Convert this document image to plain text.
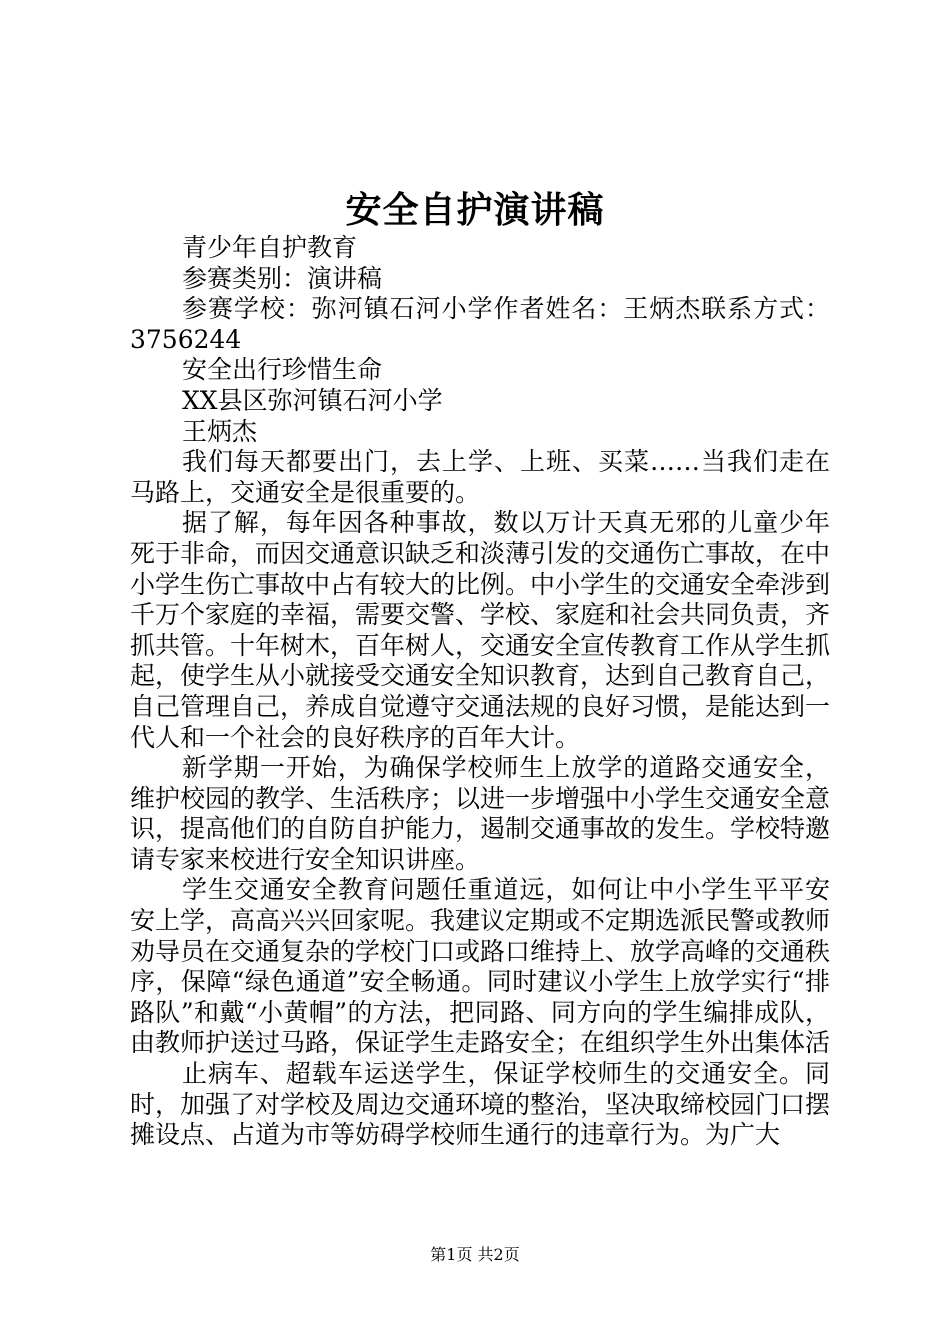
安全自护演讲稿

青少年自护教育

参赛类别：演讲稿

参赛学校：弥河镇石河小学作者姓名：王炳杰联系方式：3756244

安全出行珍惜生命

XX县区弥河镇石河小学

王炳杰

我们每天都要出门，去上学、上班、买菜……当我们走在马路上，交通安全是很重要的。

据了解，每年因各种事故，数以万计天真无邪的儿童少年死于非命，而因交通意识缺乏和淡薄引发的交通伤亡事故，在中小学生伤亡事故中占有较大的比例。中小学生的交通安全牵涉到千万个家庭的幸福，需要交警、学校、家庭和社会共同负责，齐抓共管。十年树木，百年树人，交通安全宣传教育工作从学生抓起，使学生从小就接受交通安全知识教育，达到自己教育自己，自己管理自己，养成自觉遵守交通法规的良好习惯，是能达到一代人和一个社会的良好秩序的百年大计。

新学期一开始，为确保学校师生上放学的道路交通安全，维护校园的教学、生活秩序；以进一步增强中小学生交通安全意识，提高他们的自防自护能力，遏制交通事故的发生。学校特邀请专家来校进行安全知识讲座。

学生交通安全教育问题任重道远，如何让中小学生平平安安上学，高高兴兴回家呢。我建议定期或不定期选派民警或教师劝导员在交通复杂的学校门口或路口维持上、放学高峰的交通秩序，保障“绿色通道”安全畅通。同时建议小学生上放学实行“排路队”和戴“小黄帽”的方法，把同路、同方向的学生编排成队，由教师护送过马路，保证学生走路安全；在组织学生外出集体活

止病车、超载车运送学生，保证学校师生的交通安全。同时，加强了对学校及周边交通环境的整治，坚决取缔校园门口摆摊设点、占道为市等妨碍学校师生通行的违章行为。为广大

第1页 共2页
